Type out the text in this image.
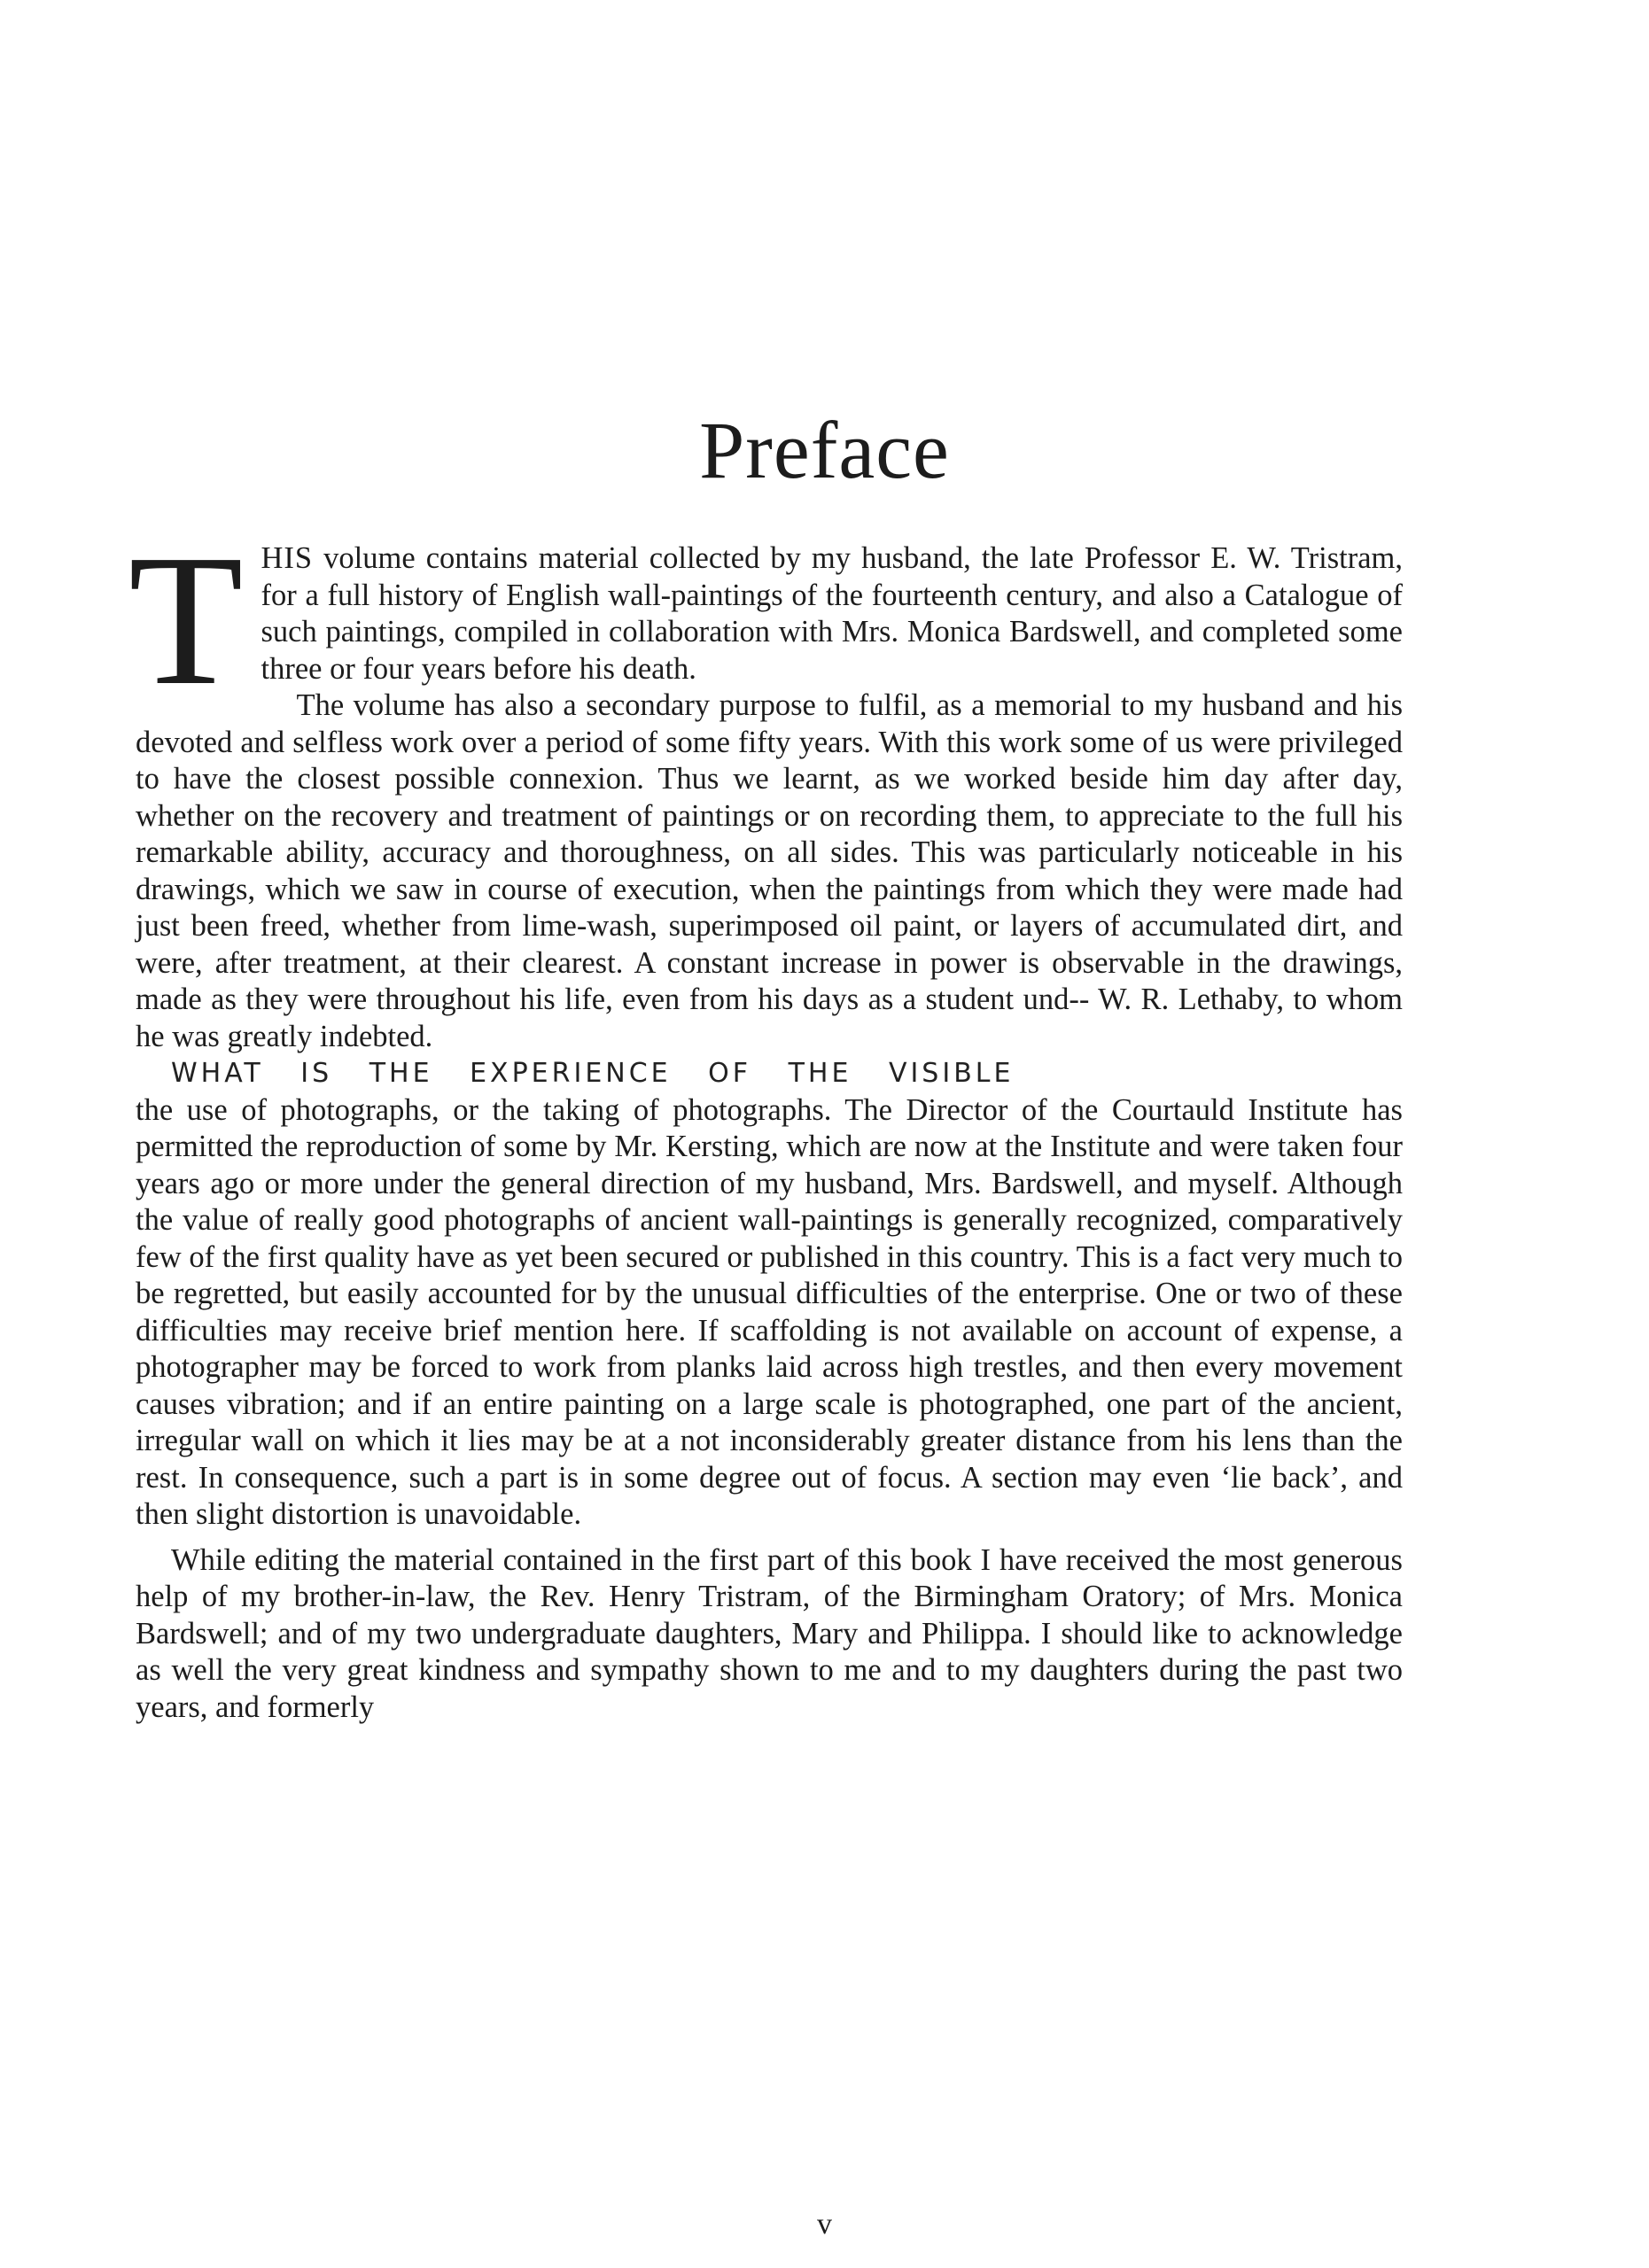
Preface

THIS volume contains material collected by my husband, the late Professor E. W. Tristram, for a full history of English wall-paintings of the fourteenth century, and also a Catalogue of such paintings, compiled in collaboration with Mrs. Monica Bardswell, and completed some three or four years before his death.

The volume has also a secondary purpose to fulfil, as a memorial to my husband and his devoted and selfless work over a period of some fifty years. With this work some of us were privileged to have the closest possible connexion. Thus we learnt, as we worked beside him day after day, whether on the recovery and treatment of paintings or on recording them, to appreciate to the full his remarkable ability, accuracy and thoroughness, on all sides. This was particularly noticeable in his drawings, which we saw in course of execution, when the paintings from which they were made had just been freed, whether from lime-wash, superimposed oil paint, or layers of accumulated dirt, and were, after treatment, at their clearest. A constant increase in power is observable in the drawings, made as they were throughout his life, even from his days as a student und-- W. R. Lethaby, to whom he was greatly indebted.

WHAT IS THE EXPERIENCE OF THE VISIBLE

the use of photographs, or the taking of photographs. The Director of the Courtauld Institute has permitted the reproduction of some by Mr. Kersting, which are now at the Institute and were taken four years ago or more under the general direction of my husband, Mrs. Bardswell, and myself. Although the value of really good photographs of ancient wall-paintings is generally recognized, comparatively few of the first quality have as yet been secured or published in this country. This is a fact very much to be regretted, but easily accounted for by the unusual difficulties of the enterprise. One or two of these difficulties may receive brief mention here. If scaffolding is not available on account of expense, a photographer may be forced to work from planks laid across high trestles, and then every movement causes vibration; and if an entire painting on a large scale is photographed, one part of the ancient, irregular wall on which it lies may be at a not inconsiderably greater distance from his lens than the rest. In consequence, such a part is in some degree out of focus. A section may even ‘lie back’, and then slight distortion is unavoidable.

While editing the material contained in the first part of this book I have received the most generous help of my brother-in-law, the Rev. Henry Tristram, of the Birmingham Oratory; of Mrs. Monica Bardswell; and of my two undergraduate daughters, Mary and Philippa. I should like to acknowledge as well the very great kindness and sympathy shown to me and to my daughters during the past two years, and formerly

v
